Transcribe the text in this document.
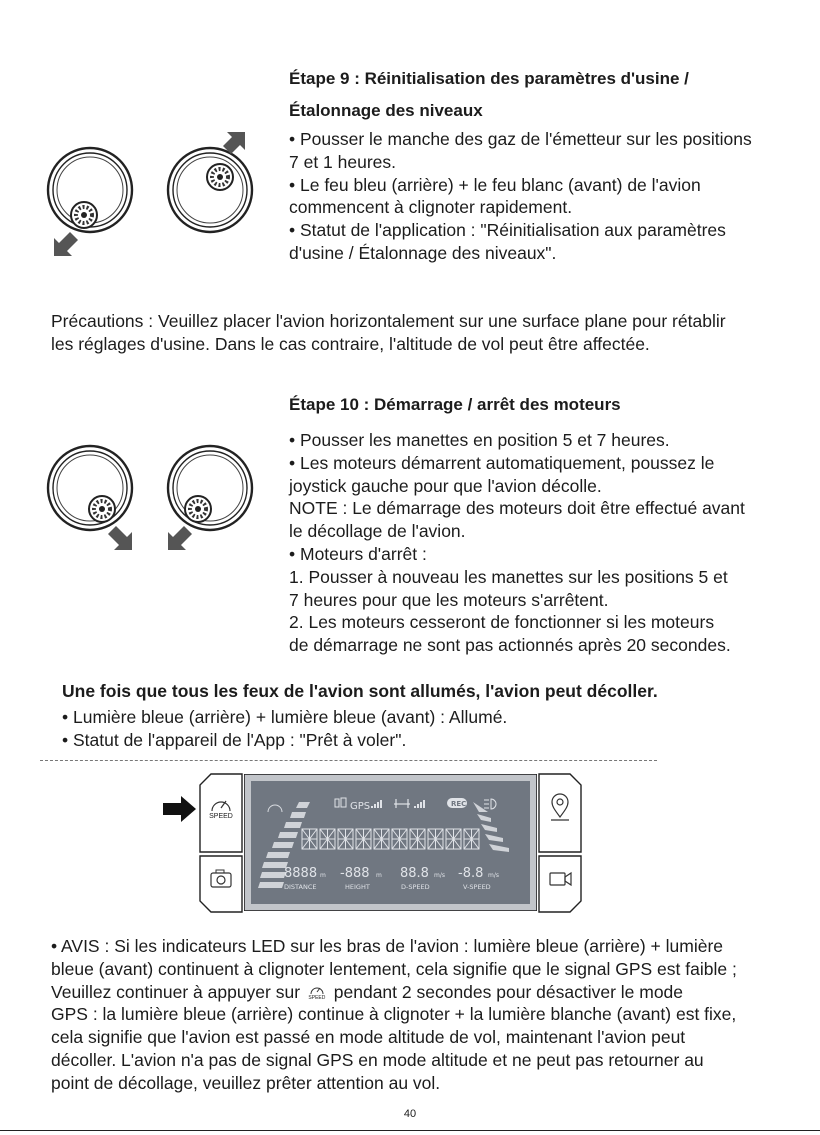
Étape 9 : Réinitialisation des paramètres d'usine /
Étalonnage des niveaux
• Pousser le manche des gaz de l'émetteur sur les positions
7 et 1 heures.
• Le feu bleu (arrière) + le feu blanc (avant) de l'avion
commencent à clignoter rapidement.
• Statut de l'application : "Réinitialisation aux paramètres
d'usine / Étalonnage des niveaux".
Précautions : Veuillez placer l'avion horizontalement sur une surface plane pour rétablir
les réglages d'usine. Dans le cas contraire, l'altitude de vol peut être affectée.
Étape 10 : Démarrage / arrêt des moteurs
• Pousser les manettes en position 5 et 7 heures.
• Les moteurs démarrent automatiquement, poussez le
joystick gauche pour que l'avion décolle.
NOTE : Le démarrage des moteurs doit être effectué avant
le décollage de l'avion.
• Moteurs d'arrêt :
1. Pousser à nouveau les manettes sur les positions 5 et
7 heures pour que les moteurs s'arrêtent.
2. Les moteurs cesseront de fonctionner si les moteurs
de démarrage ne sont pas actionnés après 20 secondes.
Une fois que tous les feux de l'avion sont allumés, l'avion peut décoller.
• Lumière bleue (arrière) + lumière bleue (avant) : Allumé.
• Statut de l'appareil de l'App : "Prêt à voler".
SPEED
GPS	REC
8888 m -888 m 88.8 m/s -8.8 m/s
DISTANCE	HEIGHT	D-SPEED	V-SPEED
• AVIS : Si les indicateurs LED sur les bras de l'avion : lumière bleue (arrière) + lumière
bleue (avant) continuent à clignoter lentement, cela signifie que le signal GPS est faible ;
Veuillez continuer à appuyer sur	SPEED pendant 2 secondes pour désactiver le mode
GPS : la lumière bleue (arrière) continue à clignoter + la lumière blanche (avant) est fixe,
cela signifie que l'avion est passé en mode altitude de vol, maintenant l'avion peut
décoller. L'avion n'a pas de signal GPS en mode altitude et ne peut pas retourner au
point de décollage, veuillez prêter attention au vol.
40
